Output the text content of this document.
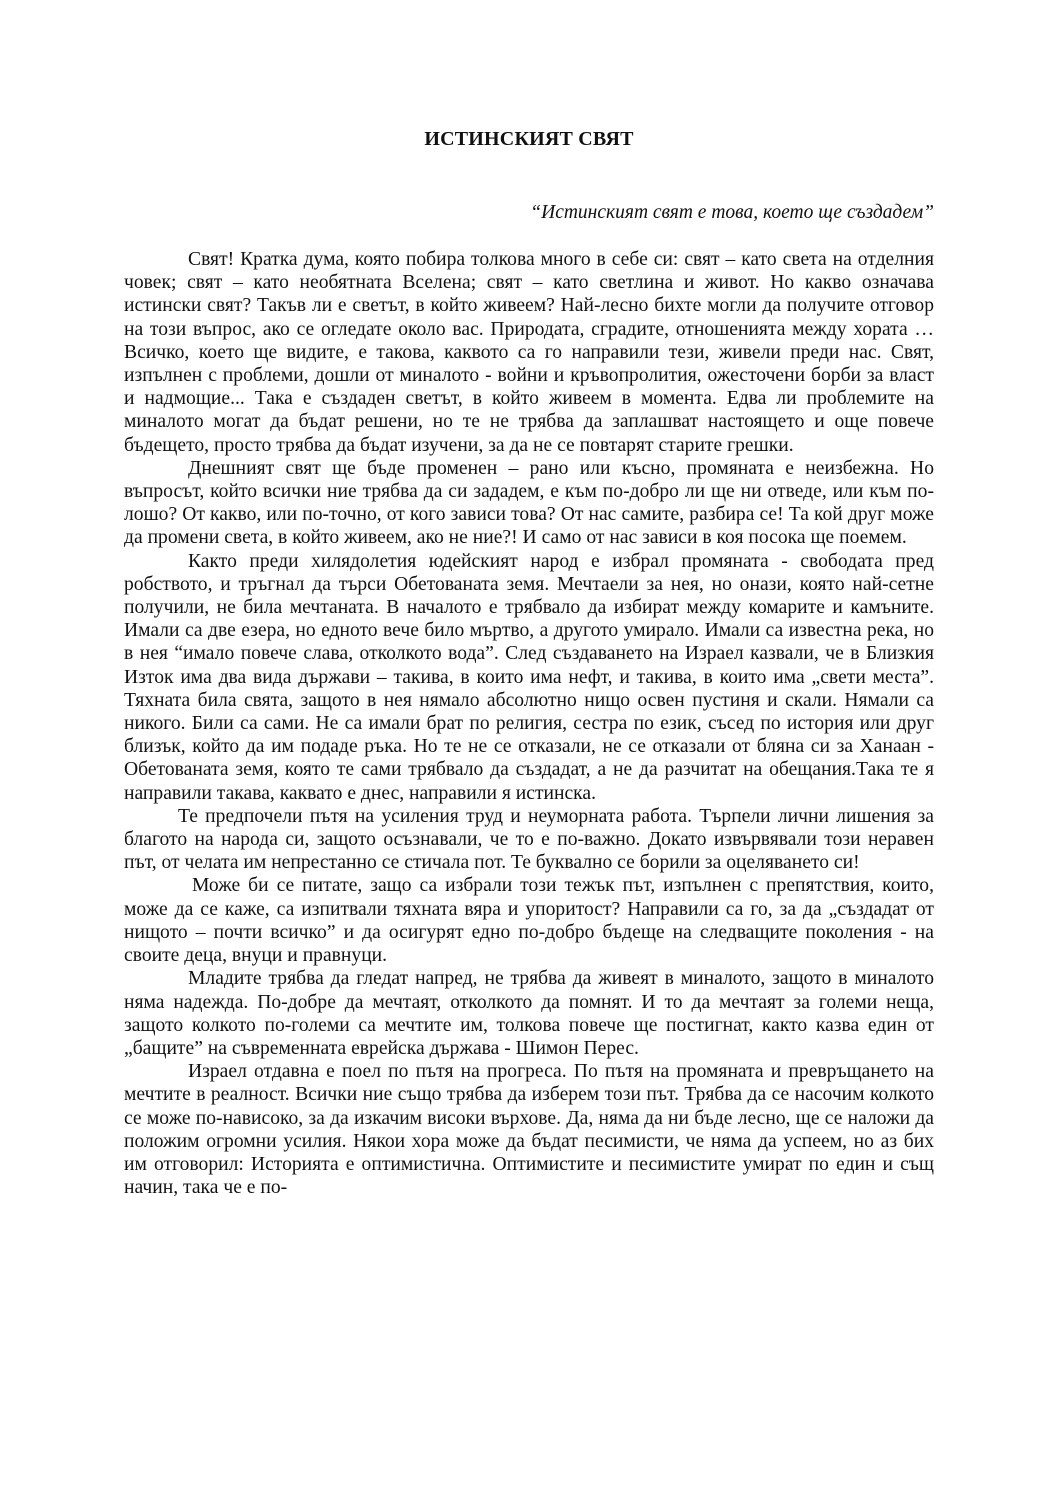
ИСТИНСКИЯТ СВЯТ
“Истинският свят е това, което ще създадем”

Свят! Кратка дума, която побира толкова много в себе си: свят – като света на отделния човек; свят – като необятната Вселена; свят – като светлина и живот. Но какво означава истински свят? Такъв ли е светът, в който живеем? Най-лесно бихте могли да получите отговор на този въпрос, ако се огледате около вас. Природата, сградите, отношенията между хората … Всичко, което ще видите, е такова, каквото са го направили тези, живели преди нас. Свят, изпълнен с проблеми, дошли от миналото - войни и кръвопролития, ожесточени борби за власт и надмощие... Така е създаден светът, в който живеем в момента. Едва ли проблемите на миналото могат да бъдат решени, но те не трябва да заплашват настоящето и още повече бъдещето, просто трябва да бъдат изучени, за да не се повтарят старите грешки.

Днешният свят ще бъде променен – рано или късно, промяната е неизбежна. Но въпросът, който всички ние трябва да си зададем, е към по-добро ли ще ни отведе, или към по-лошо? От какво, или по-точно, от кого зависи това? От нас самите, разбира се! Та кой друг може да промени света, в който живеем, ако не ние?! И само от нас зависи в коя посока ще поемем.

Както преди хилядолетия юдейският народ е избрал промяната - свободата пред робството, и тръгнал да търси Обетованата земя. Мечтаели за нея, но онази, която най-сетне получили, не била мечтаната. В началото е трябвало да избират между комарите и камъните. Имали са две езера, но едното вече било мъртво, а другото умирало. Имали са известна река, но в нея “имало повече слава, отколкото вода”. След създаването на Израел казвали, че в Близкия Изток има два вида държави – такива, в които има нефт, и такива, в които има „свети места”. Тяхната била свята, защото в нея нямало абсолютно нищо освен пустиня и скали. Нямали са никого. Били са сами. Не са имали брат по религия, сестра по език, съсед по история или друг близък, който да им подаде ръка. Но те не се отказали, не се отказали от бляна си за Ханаан - Обетованата земя, която те сами трябвало да създадат, а не да разчитат на обещания.Така те я направили такава, каквато е днес, направили я истинска.

Те предпочели пътя на усиления труд и неуморната работа. Търпели лични лишения за благото на народа си, защото осъзнавали, че то е по-важно. Докато извървявали този неравен път, от челата им непрестанно се стичала пот. Те буквално се борили за оцеляването си!

Може би се питате, защо са избрали този тежък път, изпълнен с препятствия, които, може да се каже, са изпитвали тяхната вяра и упоритост? Направили са го, за да „създадат от нищото – почти всичко” и да осигурят едно по-добро бъдеще на следващите поколения - на своите деца, внуци и правнуци.

Младите трябва да гледат напред, не трябва да живеят в миналото, защото в миналото няма надежда. По-добре да мечтаят, отколкото да помнят. И то да мечтаят за големи неща, защото колкото по-големи са мечтите им, толкова повече ще постигнат, както казва един от „бащите” на съвременната еврейска държава - Шимон Перес.

Израел отдавна е поел по пътя на прогреса. По пътя на промяната и превръщането на мечтите в реалност. Всички ние също трябва да изберем този път. Трябва да се насочим колкото се може по-нависоко, за да изкачим високи върхове. Да, няма да ни бъде лесно, ще се наложи да положим огромни усилия. Някои хора може да бъдат песимисти, че няма да успеем, но аз бих им отговорил: Историята е оптимистична. Оптимистите и песимистите умират по един и същ начин, така че е по-
